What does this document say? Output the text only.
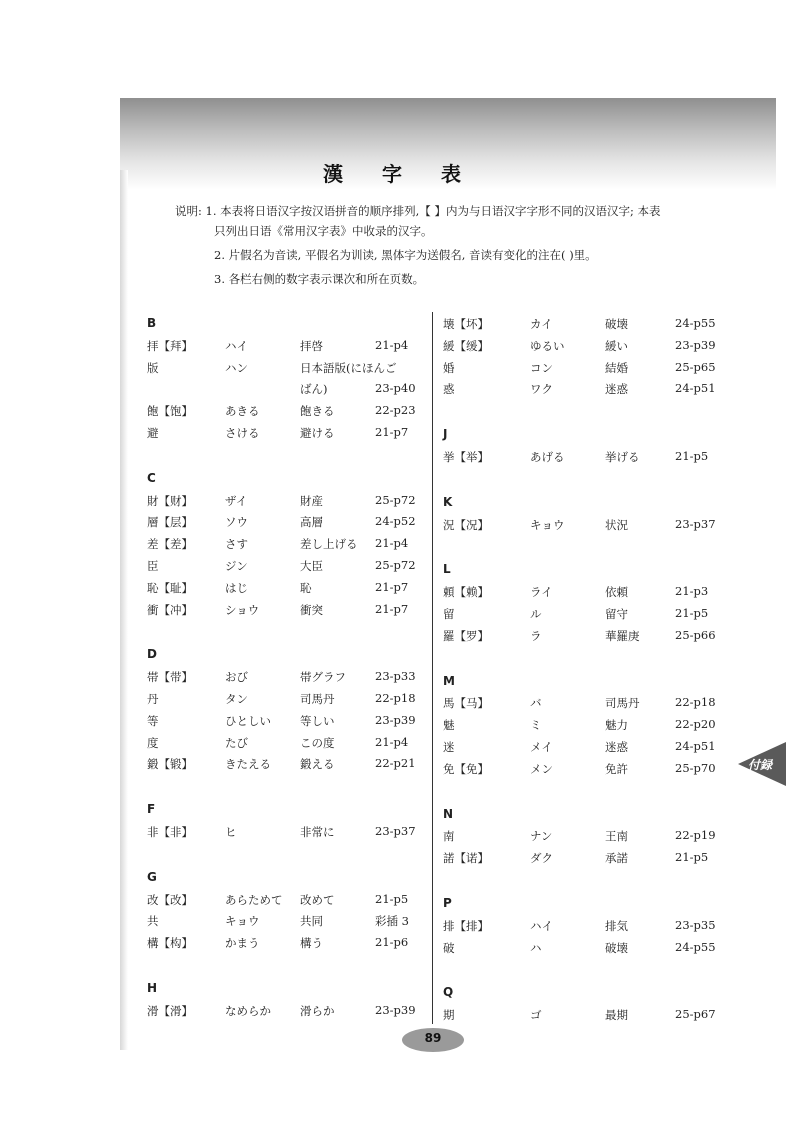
漢 字 表
说明: 1. 本表将日语汉字按汉语拼音的顺序排列,【 】内为与日语汉字字形不同的汉语汉字; 本表
只列出日语《常用汉字表》中收录的汉字。
2. 片假名为音读, 平假名为训读, 黑体字为送假名, 音读有变化的注在( )里。
3. 各栏右侧的数字表示课次和所在页数。
B
拝【拜】	ハイ	拝啓	21-p4
版	ハン	日本語版(にほんご
ばん)	23-p40
飽【饱】	あきる	飽きる	22-p23
避	さける	避ける	21-p7
C
財【财】	ザイ	財産	25-p72
層【层】	ソウ	高層	24-p52
差【差】	さす	差し上げる 21-p4
臣	ジン	大臣	25-p72
恥【耻】	はじ	恥	21-p7
衝【冲】	ショウ	衝突	21-p7
D
帯【带】	おび	帯グラフ	23-p33
丹	タン	司馬丹	22-p18
等	ひとしい	等しい	23-p39
度	たび	この度	21-p4
鍛【锻】	きたえる	鍛える	22-p21
F
非【非】	ヒ	非常に	23-p37
G
改【改】	あらためて 改めて	21-p5
共	キョウ	共同	彩插 3
構【构】	かまう	構う	21-p6
H
滑【滑】	なめらか	滑らか	23-p39
壊【坏】	カイ	破壊	24-p55
緩【缓】	ゆるい	緩い	23-p39
婚	コン	結婚	25-p65
惑	ワク	迷惑	24-p51
J
挙【举】	あげる	挙げる	21-p5
K
況【况】	キョウ	状況	23-p37
L
頼【赖】	ライ	依頼	21-p3
留	ル	留守	21-p5
羅【罗】	ラ	華羅庚	25-p66
M
馬【马】	バ	司馬丹	22-p18
魅	ミ	魅力	22-p20
迷	メイ	迷惑	24-p51
免【免】	メン	免許	25-p70
N
南	ナン	王南	22-p19
諾【诺】	ダク	承諾	21-p5
P
排【排】	ハイ	排気	23-p35
破	ハ	破壊	24-p55
Q
期	ゴ	最期	25-p67
付録
89
